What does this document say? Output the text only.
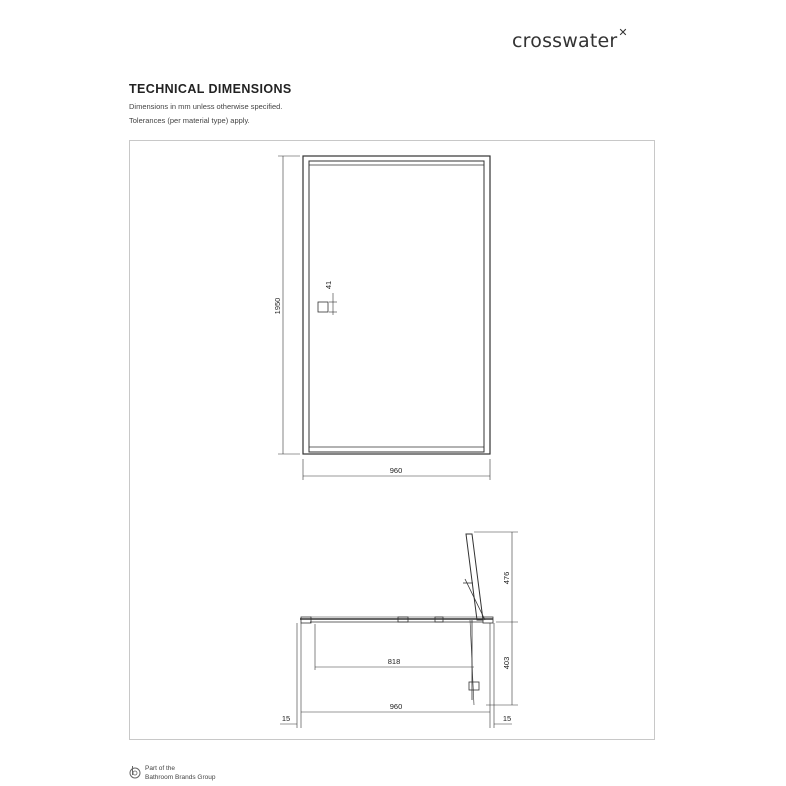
crosswater ✕
TECHNICAL DIMENSIONS
Dimensions in mm unless otherwise specified.
Tolerances (per material type) apply.
1950
960
41
476
403
818
960
15	15
Part of the
Bathroom Brands Group
